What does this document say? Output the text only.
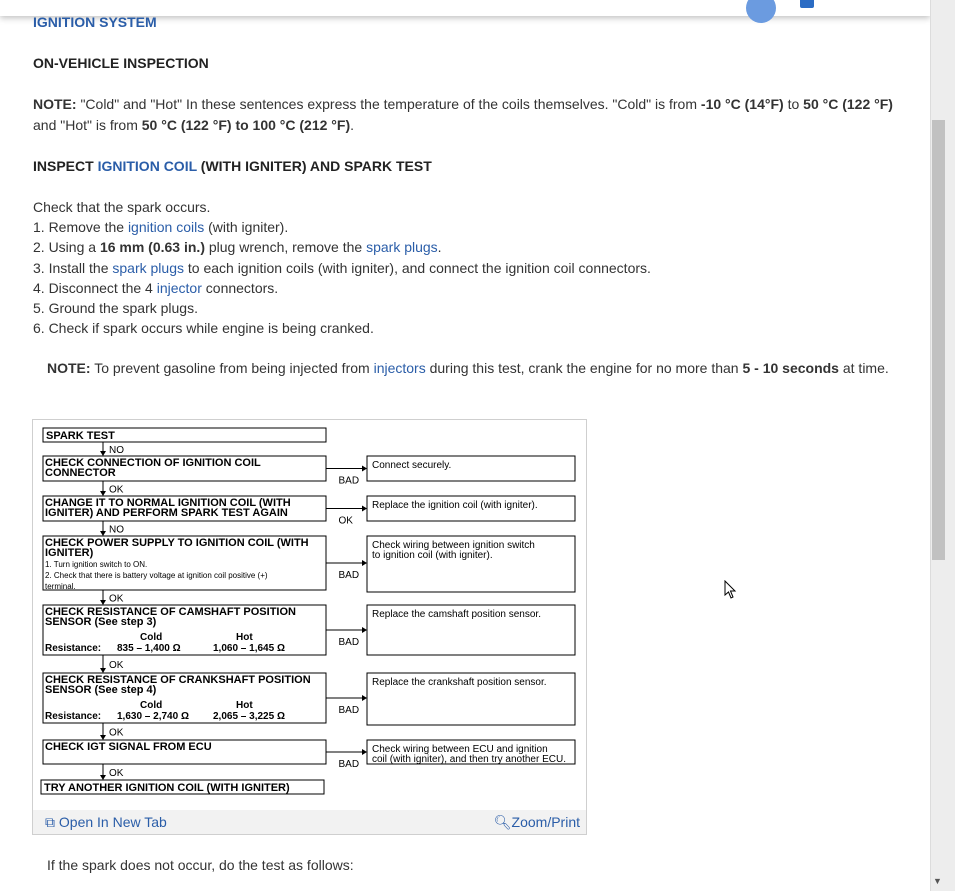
IGNITION SYSTEM
ON-VEHICLE INSPECTION
NOTE: "Cold" and "Hot" In these sentences express the temperature of the coils themselves. "Cold" is from -10 °C (14°F) to 50 °C (122 °F)
and "Hot" is from 50 °C (122 °F) to 100 °C (212 °F).
INSPECT IGNITION COIL (WITH IGNITER) AND SPARK TEST
Check that the spark occurs.
1. Remove the ignition coils (with igniter).
2. Using a 16 mm (0.63 in.) plug wrench, remove the spark plugs.
3. Install the spark plugs to each ignition coils (with igniter), and connect the ignition coil connectors.
4. Disconnect the 4 injector connectors.
5. Ground the spark plugs.
6. Check if spark occurs while engine is being cranked.
NOTE: To prevent gasoline from being injected from injectors during this test, crank the engine for no more than 5 - 10 seconds at time.
SPARK TEST
NO
CHECK CONNECTION OF IGNITION COIL
CONNECTOR
BAD
Connect securely.
OK
CHANGE IT TO NORMAL IGNITION COIL (WITH
IGNITER) AND PERFORM SPARK TEST AGAIN
OK
Replace the ignition coil (with igniter).
NO
CHECK POWER SUPPLY TO IGNITION COIL (WITH
IGNITER)
1. Turn ignition switch to ON.
2. Check that there is battery voltage at ignition coil positive (+)
terminal.
BAD
Check wiring between ignition switch
to ignition coil (with igniter).
OK
CHECK RESISTANCE OF CAMSHAFT POSITION
SENSOR (See step 3)
Cold	Hot
Resistance: 835 – 1,400 Ω	1,060 – 1,645 Ω
BAD
Replace the camshaft position sensor.
OK
CHECK RESISTANCE OF CRANKSHAFT POSITION
SENSOR (See step 4)
Cold	Hot
Resistance: 1,630 – 2,740 Ω 2,065 – 3,225 Ω
BAD
Replace the crankshaft position sensor.
OK
CHECK IGT SIGNAL FROM ECU
BAD
Check wiring between ECU and ignition
coil (with igniter), and then try another ECU.
OK
TRY ANOTHER IGNITION COIL (WITH IGNITER)
⧉ Open In New Tab	🔍︎Zoom/Print
If the spark does not occur, do the test as follows:
▼
